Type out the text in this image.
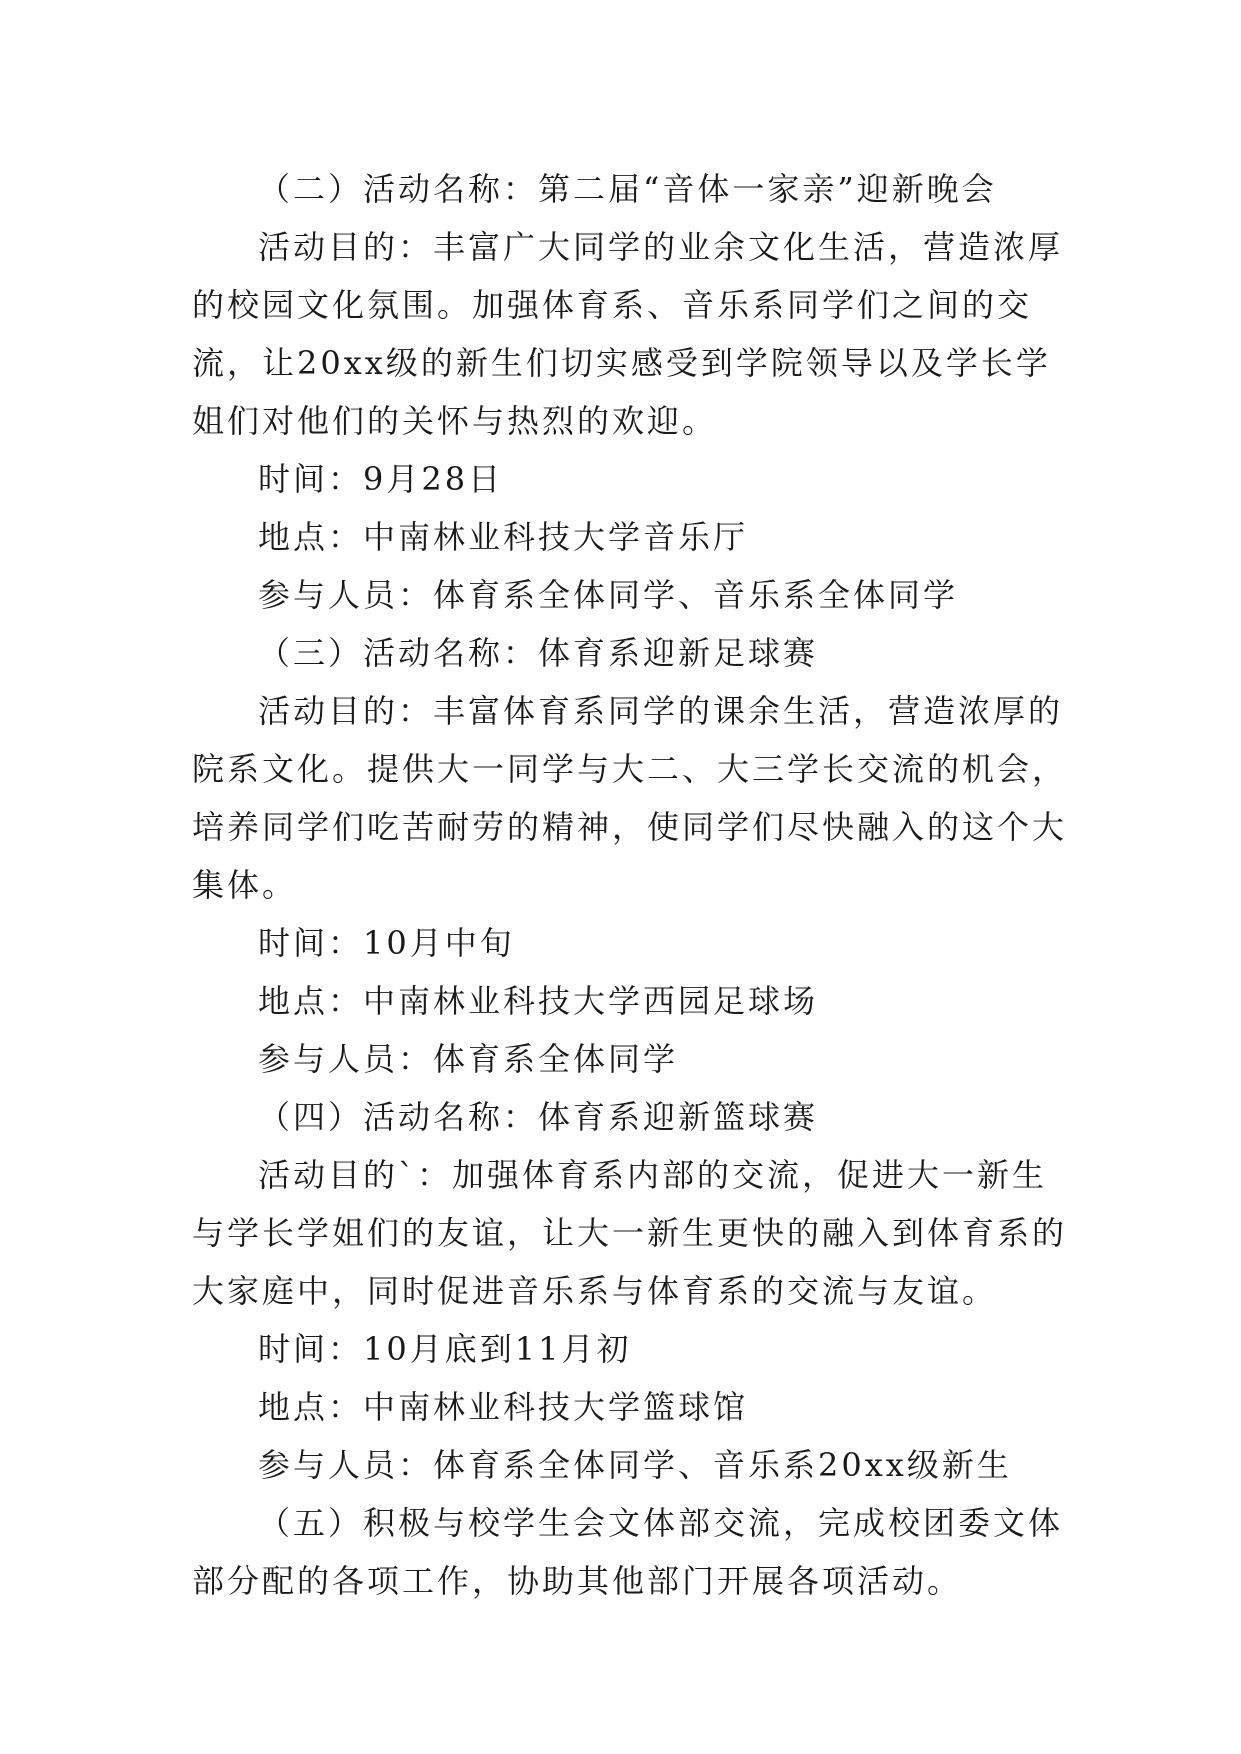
（二）活动名称：第二届“音体一家亲”迎新晚会

活动目的：丰富广大同学的业余文化生活，营造浓厚的校园文化氛围。加强体育系、音乐系同学们之间的交流，让20xx级的新生们切实感受到学院领导以及学长学姐们对他们的关怀与热烈的欢迎。

时间：9月28日

地点：中南林业科技大学音乐厅

参与人员：体育系全体同学、音乐系全体同学

（三）活动名称：体育系迎新足球赛

活动目的：丰富体育系同学的课余生活，营造浓厚的院系文化。提供大一同学与大二、大三学长交流的机会，培养同学们吃苦耐劳的精神，使同学们尽快融入的这个大集体。

时间：10月中旬

地点：中南林业科技大学西园足球场

参与人员：体育系全体同学

（四）活动名称：体育系迎新篮球赛

活动目的`：加强体育系内部的交流，促进大一新生与学长学姐们的友谊，让大一新生更快的融入到体育系的大家庭中，同时促进音乐系与体育系的交流与友谊。

时间：10月底到11月初

地点：中南林业科技大学篮球馆

参与人员：体育系全体同学、音乐系20xx级新生

（五）积极与校学生会文体部交流，完成校团委文体部分配的各项工作，协助其他部门开展各项活动。
